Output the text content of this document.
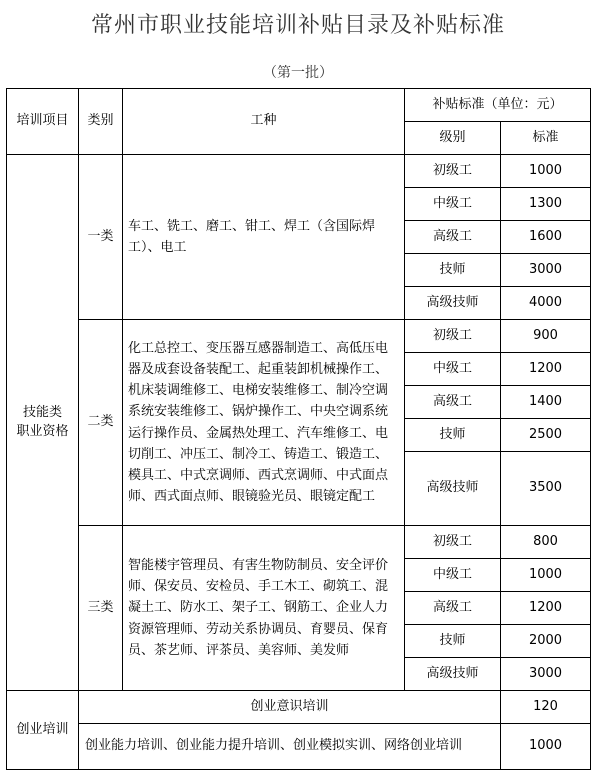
常州市职业技能培训补贴目录及补贴标准
（第一批）
培训项目	类别	工种	补贴标准（单位：元）	
			级别	标准
技能类
职业资格	一类	车工、铣工、磨工、钳工、焊工（含国际焊工）、电工	初级工	1000
			中级工	1300
			高级工	1600
			技师	3000
			高级技师	4000
	二类	化工总控工、变压器互感器制造工、高低压电器及成套设备装配工、起重装卸机械操作工、机床装调维修工、电梯安装维修工、制冷空调系统安装维修工、锅炉操作工、中央空调系统运行操作员、金属热处理工、汽车维修工、电切削工、冲压工、制冷工、铸造工、锻造工、模具工、中式烹调师、西式烹调师、中式面点师、西式面点师、眼镜验光员、眼镜定配工	初级工	900
			中级工	1200
			高级工	1400
			技师	2500
			高级技师	3500
	三类	智能楼宇管理员、有害生物防制员、安全评价师、保安员、安检员、手工木工、砌筑工、混凝土工、防水工、架子工、钢筋工、企业人力资源管理师、劳动关系协调员、育婴员、保育员、茶艺师、评茶员、美容师、美发师	初级工	800
			中级工	1000
			高级工	1200
			技师	2000
			高级技师	3000
创业培训	创业意识培训			120
	创业能力培训、创业能力提升培训、创业模拟实训、网络创业培训			1000
